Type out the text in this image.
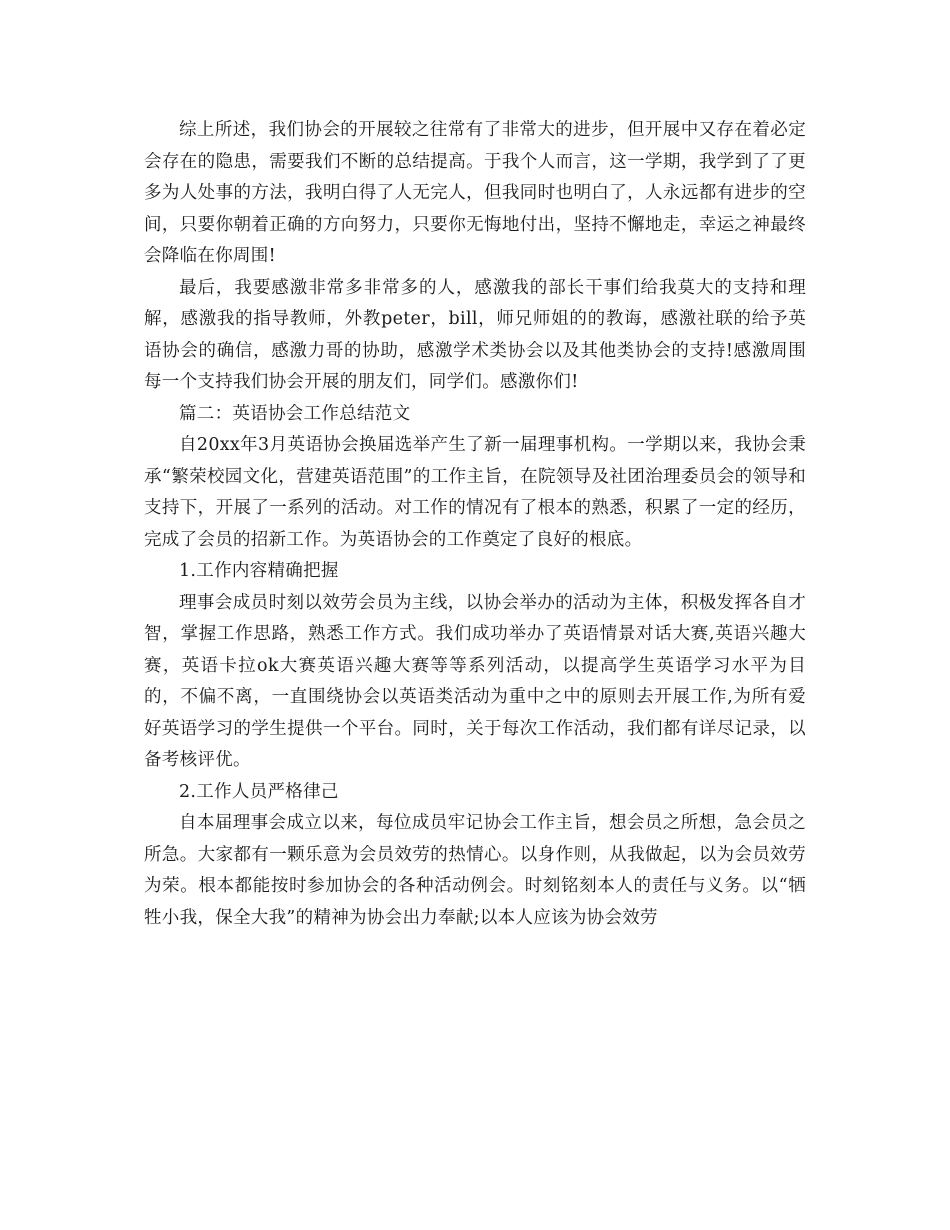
综上所述，我们协会的开展较之往常有了非常大的进步，但开展中又存在着必定会存在的隐患，需要我们不断的总结提高。于我个人而言，这一学期，我学到了了更多为人处事的方法，我明白得了人无完人，但我同时也明白了，人永远都有进步的空间，只要你朝着正确的方向努力，只要你无悔地付出，坚持不懈地走，幸运之神最终会降临在你周围!

最后，我要感激非常多非常多的人，感激我的部长干事们给我莫大的支持和理解，感激我的指导教师，外教peter，bill，师兄师姐的的教诲，感激社联的给予英语协会的确信，感激力哥的协助，感激学术类协会以及其他类协会的支持!感激周围每一个支持我们协会开展的朋友们，同学们。感激你们!

篇二：英语协会工作总结范文

自20xx年3月英语协会换届选举产生了新一届理事机构。一学期以来，我协会秉承“繁荣校园文化，营建英语范围”的工作主旨，在院领导及社团治理委员会的领导和支持下，开展了一系列的活动。对工作的情况有了根本的熟悉，积累了一定的经历，完成了会员的招新工作。为英语协会的工作奠定了良好的根底。

1.工作内容精确把握

理事会成员时刻以效劳会员为主线，以协会举办的活动为主体，积极发挥各自才智，掌握工作思路，熟悉工作方式。我们成功举办了英语情景对话大赛,英语兴趣大赛，英语卡拉ok大赛英语兴趣大赛等等系列活动，以提高学生英语学习水平为目的，不偏不离，一直围绕协会以英语类活动为重中之中的原则去开展工作,为所有爱好英语学习的学生提供一个平台。同时，关于每次工作活动，我们都有详尽记录，以备考核评优。

2.工作人员严格律己

自本届理事会成立以来，每位成员牢记协会工作主旨，想会员之所想，急会员之所急。大家都有一颗乐意为会员效劳的热情心。以身作则，从我做起，以为会员效劳为荣。根本都能按时参加协会的各种活动例会。时刻铭刻本人的责任与义务。以“牺牲小我，保全大我”的精神为协会出力奉献;以本人应该为协会效劳
